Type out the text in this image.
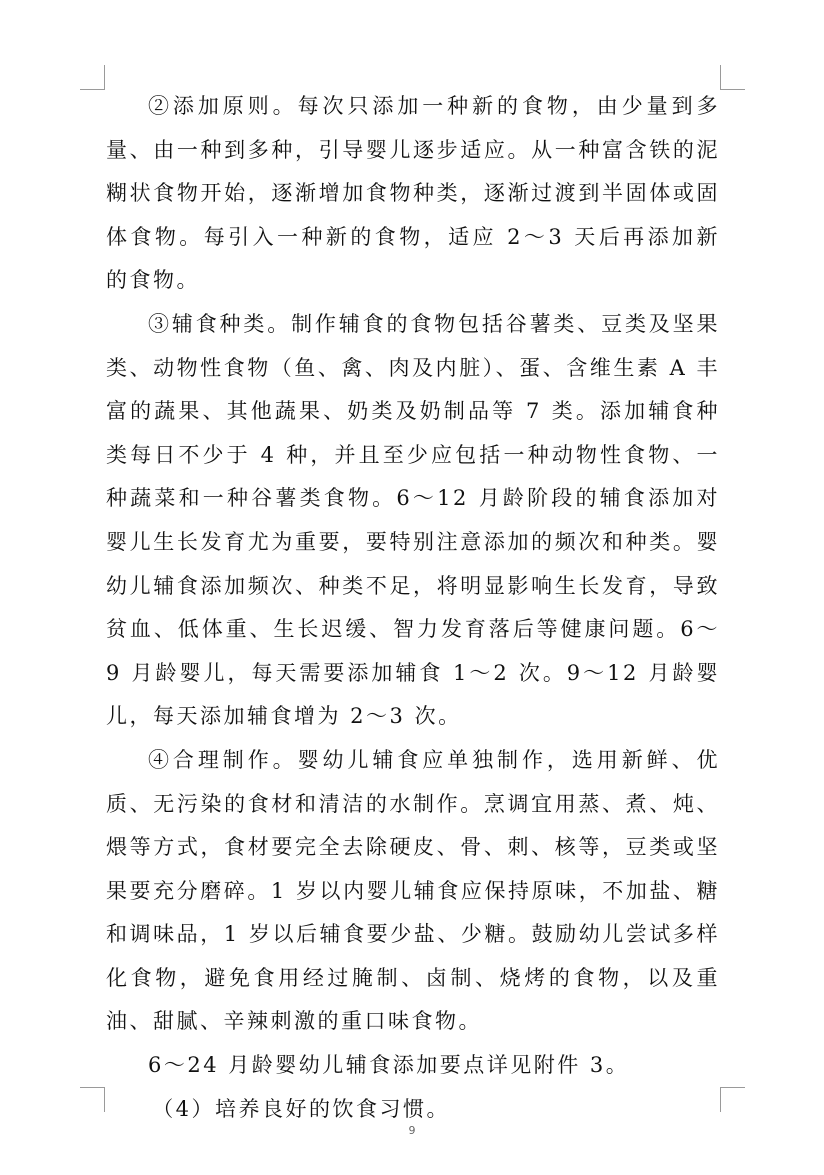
②添加原则。每次只添加一种新的食物，由少量到多量、由一种到多种，引导婴儿逐步适应。从一种富含铁的泥糊状食物开始，逐渐增加食物种类，逐渐过渡到半固体或固体食物。每引入一种新的食物，适应 2～3 天后再添加新的食物。

③辅食种类。制作辅食的食物包括谷薯类、豆类及坚果类、动物性食物（鱼、禽、肉及内脏）、蛋、含维生素 A 丰富的蔬果、其他蔬果、奶类及奶制品等 7 类。添加辅食种类每日不少于 4 种，并且至少应包括一种动物性食物、一种蔬菜和一种谷薯类食物。6～12 月龄阶段的辅食添加对婴儿生长发育尤为重要，要特别注意添加的频次和种类。婴幼儿辅食添加频次、种类不足，将明显影响生长发育，导致贫血、低体重、生长迟缓、智力发育落后等健康问题。6～9 月龄婴儿，每天需要添加辅食 1～2 次。9～12 月龄婴儿，每天添加辅食增为 2～3 次。

④合理制作。婴幼儿辅食应单独制作，选用新鲜、优质、无污染的食材和清洁的水制作。烹调宜用蒸、煮、炖、煨等方式，食材要完全去除硬皮、骨、刺、核等，豆类或坚果要充分磨碎。1 岁以内婴儿辅食应保持原味，不加盐、糖和调味品，1 岁以后辅食要少盐、少糖。鼓励幼儿尝试多样化食物，避免食用经过腌制、卤制、烧烤的食物，以及重油、甜腻、辛辣刺激的重口味食物。

6～24 月龄婴幼儿辅食添加要点详见附件 3。

（4）培养良好的饮食习惯。

9
